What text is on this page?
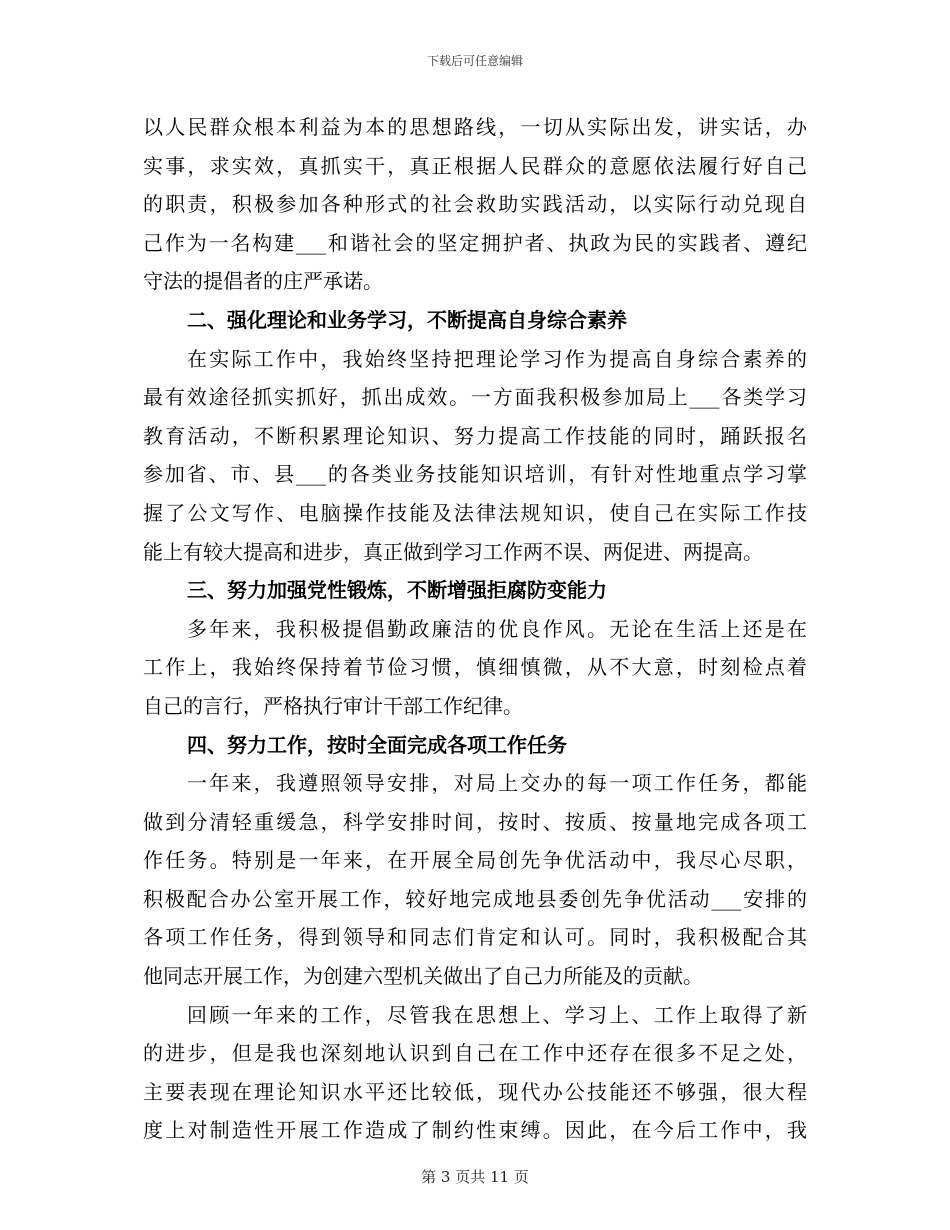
下载后可任意编辑
以人民群众根本利益为本的思想路线，一切从实际出发，讲实话，办
实事，求实效，真抓实干，真正根据人民群众的意愿依法履行好自己
的职责，积极参加各种形式的社会救助实践活动，以实际行动兑现自
己作为一名构建___和谐社会的坚定拥护者、执政为民的实践者、遵纪
守法的提倡者的庄严承诺。
二、强化理论和业务学习，不断提高自身综合素养
在实际工作中，我始终坚持把理论学习作为提高自身综合素养的
最有效途径抓实抓好，抓出成效。一方面我积极参加局上___各类学习
教育活动，不断积累理论知识、努力提高工作技能的同时，踊跃报名
参加省、市、县___的各类业务技能知识培训，有针对性地重点学习掌
握了公文写作、电脑操作技能及法律法规知识，使自己在实际工作技
能上有较大提高和进步，真正做到学习工作两不误、两促进、两提高。
三、努力加强党性锻炼，不断增强拒腐防变能力
多年来，我积极提倡勤政廉洁的优良作风。无论在生活上还是在
工作上，我始终保持着节俭习惯，慎细慎微，从不大意，时刻检点着
自己的言行，严格执行审计干部工作纪律。
四、努力工作，按时全面完成各项工作任务
一年来，我遵照领导安排，对局上交办的每一项工作任务，都能
做到分清轻重缓急，科学安排时间，按时、按质、按量地完成各项工
作任务。特别是一年来，在开展全局创先争优活动中，我尽心尽职，
积极配合办公室开展工作，较好地完成地县委创先争优活动___安排的
各项工作任务，得到领导和同志们肯定和认可。同时，我积极配合其
他同志开展工作，为创建六型机关做出了自己力所能及的贡献。
回顾一年来的工作，尽管我在思想上、学习上、工作上取得了新
的进步，但是我也深刻地认识到自己在工作中还存在很多不足之处，
主要表现在理论知识水平还比较低，现代办公技能还不够强，很大程
度上对制造性开展工作造成了制约性束缚。因此，在今后工作中，我
第 3 页共 11 页
